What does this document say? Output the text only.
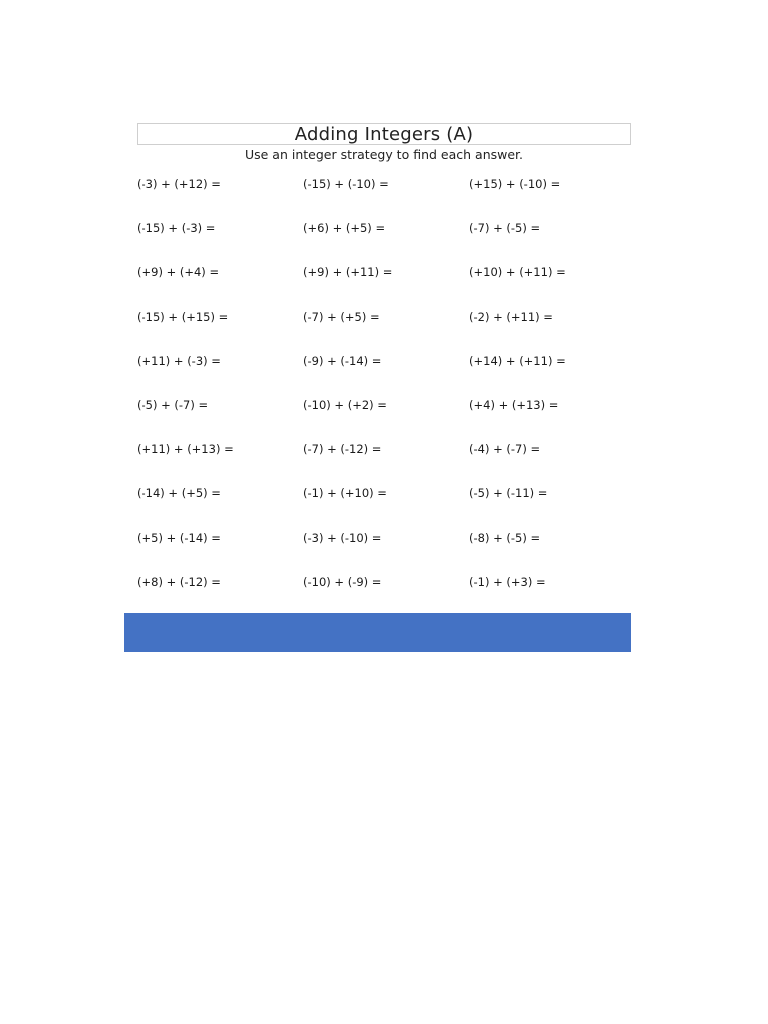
Adding Integers (A)
Use an integer strategy to find each answer.
(-3) + (+12) =	(-15) + (-10) =	(+15) + (-10) =
(-15) + (-3) =	(+6) + (+5) =	(-7) + (-5) =
(+9) + (+4) =	(+9) + (+11) =	(+10) + (+11) =
(-15) + (+15) =	(-7) + (+5) =	(-2) + (+11) =
(+11) + (-3) =	(-9) + (-14) =	(+14) + (+11) =
(-5) + (-7) =	(-10) + (+2) =	(+4) + (+13) =
(+11) + (+13) =	(-7) + (-12) =	(-4) + (-7) =
(-14) + (+5) =	(-1) + (+10) =	(-5) + (-11) =
(+5) + (-14) =	(-3) + (-10) =	(-8) + (-5) =
(+8) + (-12) =	(-10) + (-9) =	(-1) + (+3) =
